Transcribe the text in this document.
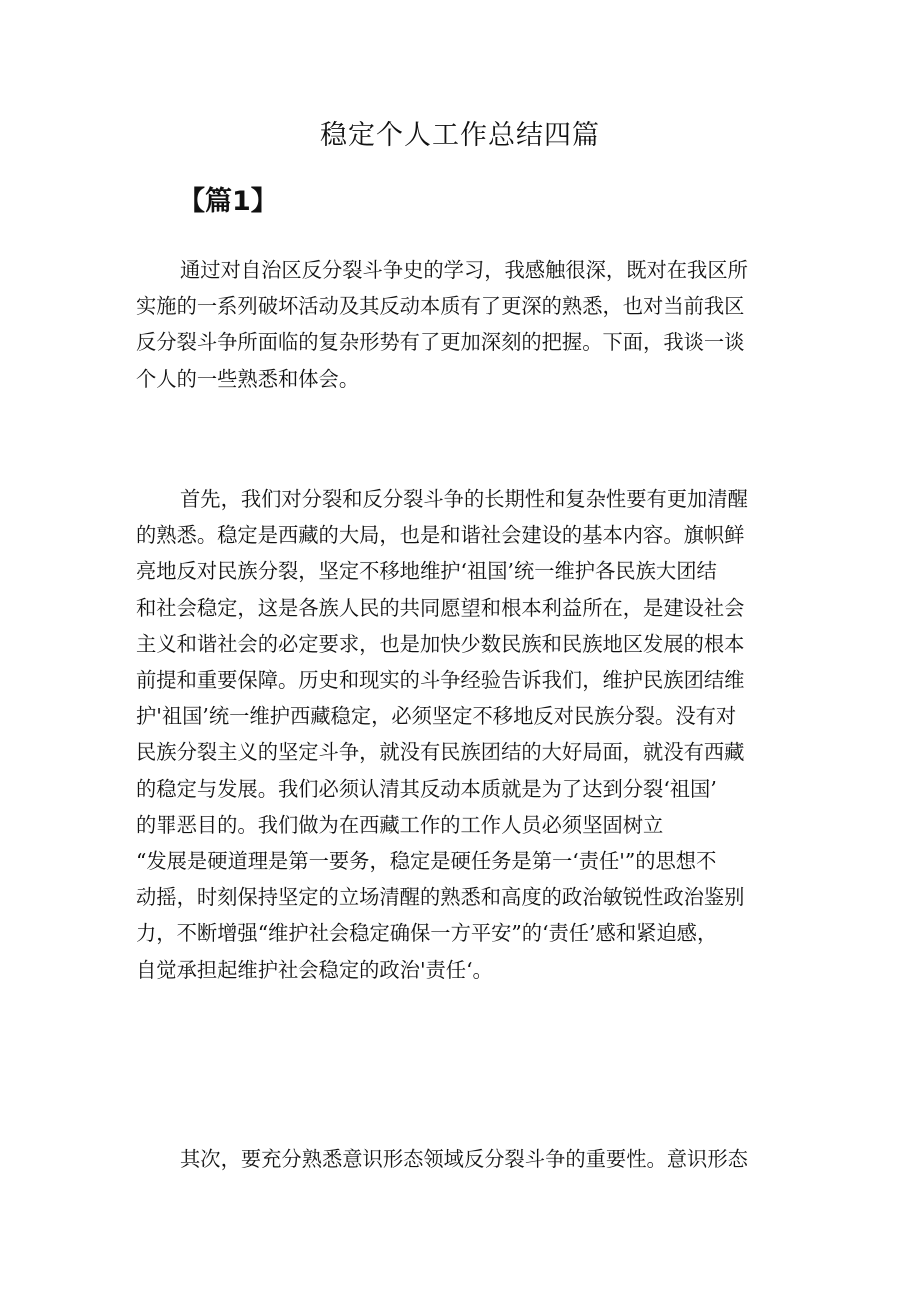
稳定个人工作总结四篇
【篇1】

通过对自治区反分裂斗争史的学习，我感触很深，既对在我区所
实施的一系列破坏活动及其反动本质有了更深的熟悉，也对当前我区
反分裂斗争所面临的复杂形势有了更加深刻的把握。下面，我谈一谈
个人的一些熟悉和体会。

首先，我们对分裂和反分裂斗争的长期性和复杂性要有更加清醒
的熟悉。稳定是西藏的大局，也是和谐社会建设的基本内容。旗帜鲜
亮地反对民族分裂，坚定不移地维护‘祖国’统一维护各民族大团结
和社会稳定，这是各族人民的共同愿望和根本利益所在，是建设社会
主义和谐社会的必定要求，也是加快少数民族和民族地区发展的根本
前提和重要保障。历史和现实的斗争经验告诉我们，维护民族团结维
护'祖国’统一维护西藏稳定，必须坚定不移地反对民族分裂。没有对
民族分裂主义的坚定斗争，就没有民族团结的大好局面，就没有西藏
的稳定与发展。我们必须认清其反动本质就是为了达到分裂‘祖国’
的罪恶目的。我们做为在西藏工作的工作人员必须坚固树立
“发展是硬道理是第一要务，稳定是硬任务是第一‘责任'”的思想不
动摇，时刻保持坚定的立场清醒的熟悉和高度的政治敏锐性政治鉴别
力，不断增强“维护社会稳定确保一方平安”的‘责任’感和紧迫感，
自觉承担起维护社会稳定的政治'责任‘。

其次，要充分熟悉意识形态领域反分裂斗争的重要性。意识形态
